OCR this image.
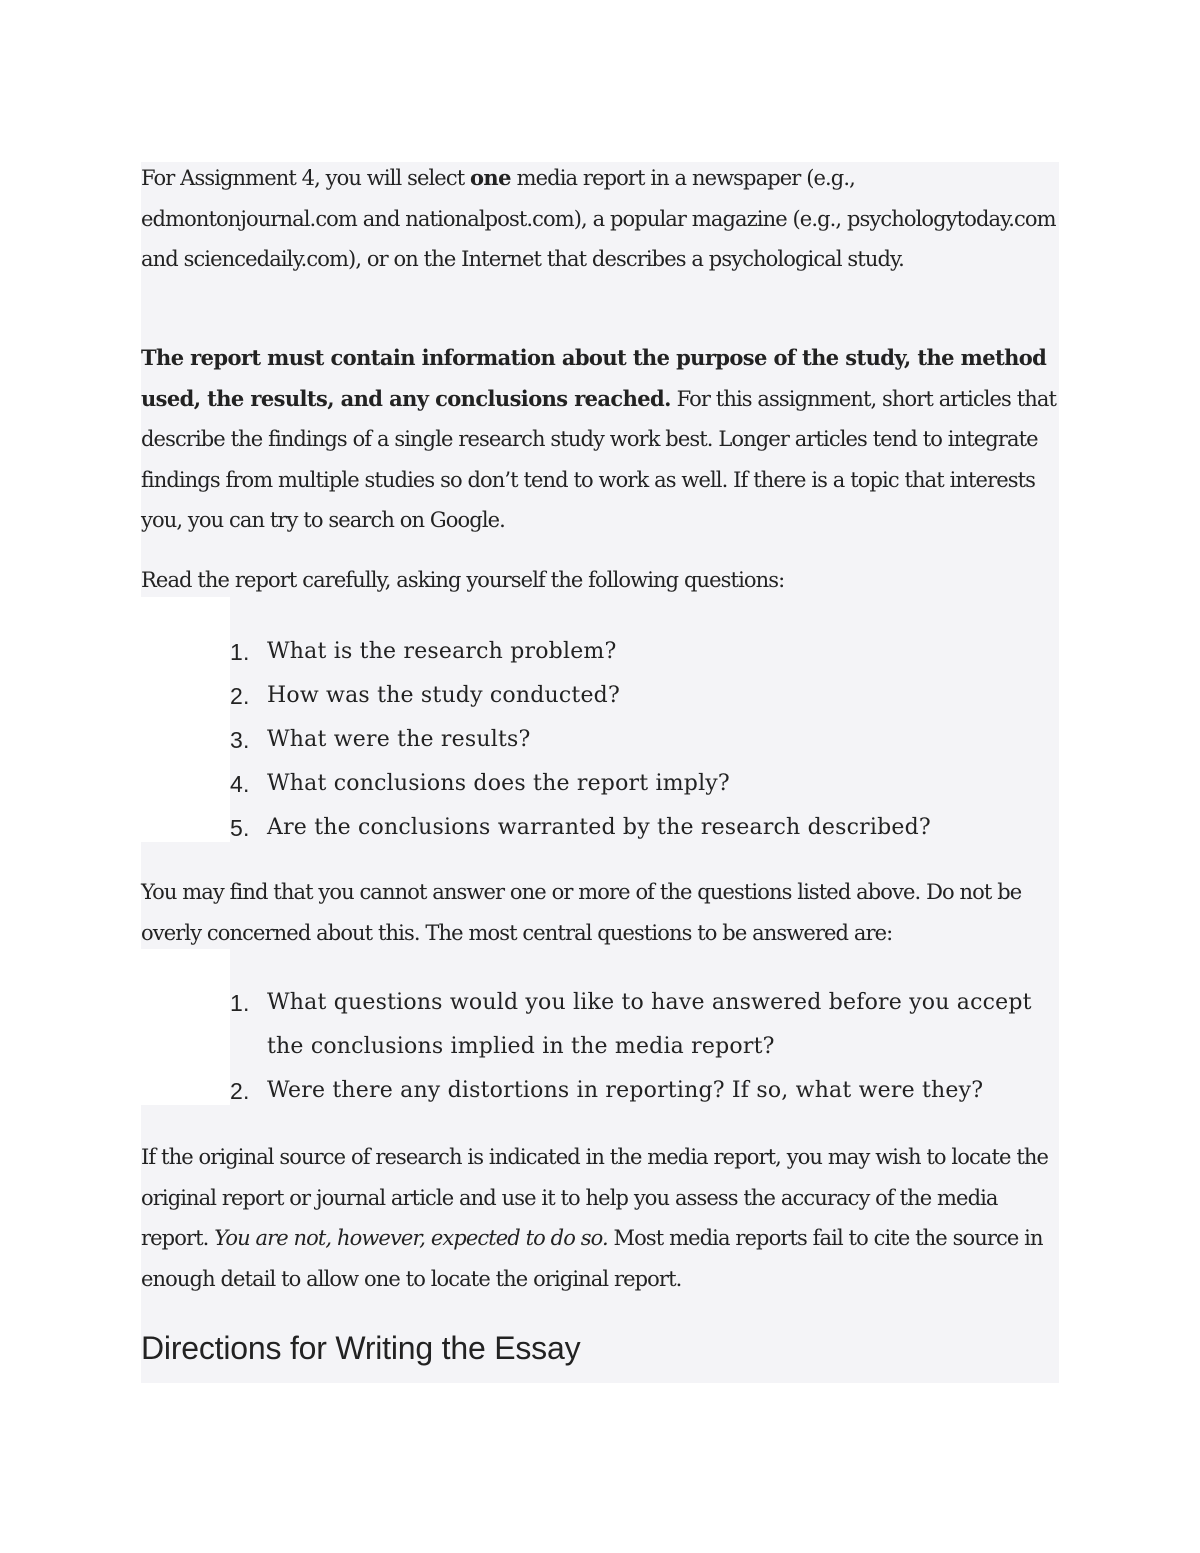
For Assignment 4, you will select one media report in a newspaper (e.g., edmontonjournal.com and nationalpost.com), a popular magazine (e.g., psychologytoday.com and sciencedaily.com), or on the Internet that describes a psychological study.

The report must contain information about the purpose of the study, the method used, the results, and any conclusions reached. For this assignment, short articles that describe the findings of a single research study work best. Longer articles tend to integrate findings from multiple studies so don’t tend to work as well. If there is a topic that interests you, you can try to search on Google.

Read the report carefully, asking yourself the following questions:

1. What is the research problem?
2. How was the study conducted?
3. What were the results?
4. What conclusions does the report imply?
5. Are the conclusions warranted by the research described?

You may find that you cannot answer one or more of the questions listed above. Do not be overly concerned about this. The most central questions to be answered are:

1. What questions would you like to have answered before you accept the conclusions implied in the media report?
2. Were there any distortions in reporting? If so, what were they?

If the original source of research is indicated in the media report, you may wish to locate the original report or journal article and use it to help you assess the accuracy of the media report. You are not, however, expected to do so. Most media reports fail to cite the source in enough detail to allow one to locate the original report.

Directions for Writing the Essay
